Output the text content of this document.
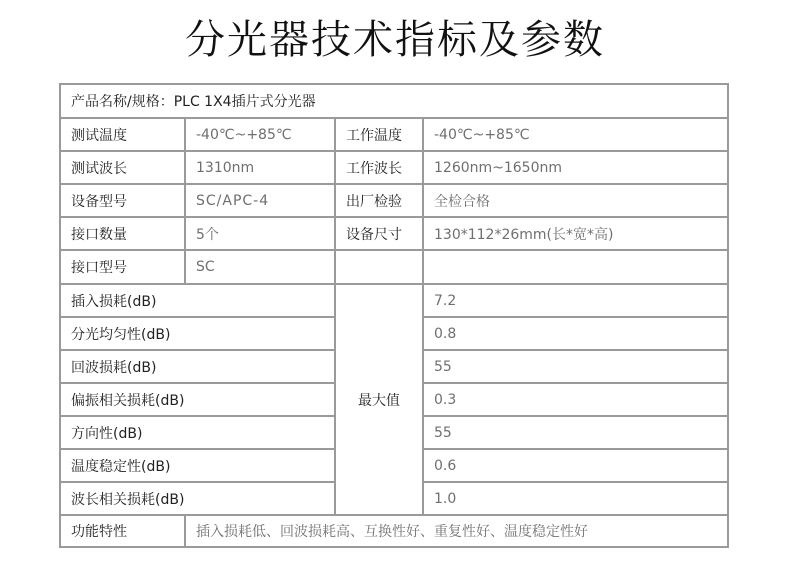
分光器技术指标及参数
产品名称/规格：PLC 1X4插片式分光器			
测试温度	-40℃~+85℃	工作温度	-40℃~+85℃
测试波长	1310nm	工作波长	1260nm~1650nm
设备型号	SC/APC-4	出厂检验	全检合格
接口数量	5个	设备尺寸	130*112*26mm(长*宽*高)
接口型号	SC		
插入损耗(dB)		最大值	7.2
分光均匀性(dB)			0.8
回波损耗(dB)			55
偏振相关损耗(dB)			0.3
方向性(dB)			55
温度稳定性(dB)			0.6
波长相关损耗(dB)			1.0
功能特性	插入损耗低、回波损耗高、互换性好、重复性好、温度稳定性好		
